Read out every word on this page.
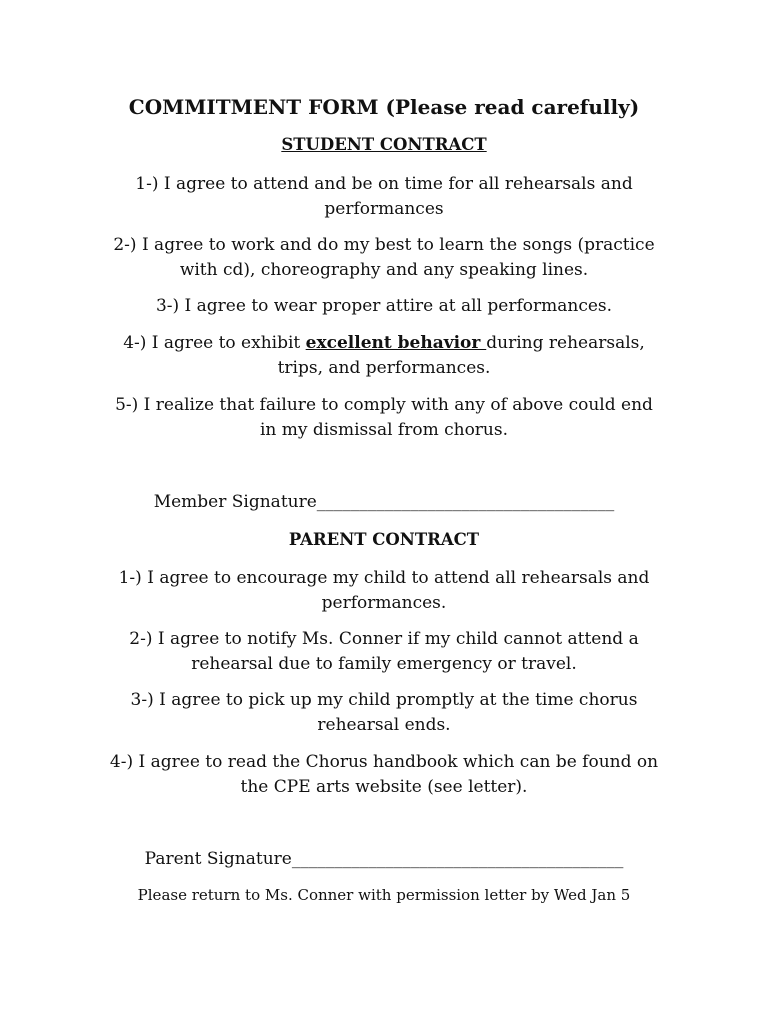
COMMITMENT FORM (Please read carefully)
STUDENT CONTRACT
1-) I agree to attend and be on time for all rehearsals and
performances
2-) I agree to work and do my best to learn the songs (practice
with cd), choreography and any speaking lines.
3-) I agree to wear proper attire at all performances.
4-) I agree to exhibit excellent behavior during rehearsals,
trips, and performances.
5-) I realize that failure to comply with any of above could end
in my dismissal from chorus.
Member Signature___________________________________
PARENT CONTRACT
1-) I agree to encourage my child to attend all rehearsals and
performances.
2-) I agree to notify Ms. Conner if my child cannot attend a
rehearsal due to family emergency or travel.
3-) I agree to pick up my child promptly at the time chorus
rehearsal ends.
4-) I agree to read the Chorus handbook which can be found on
the CPE arts website (see letter).
Parent Signature_______________________________________
Please return to Ms. Conner with permission letter by Wed Jan 5
